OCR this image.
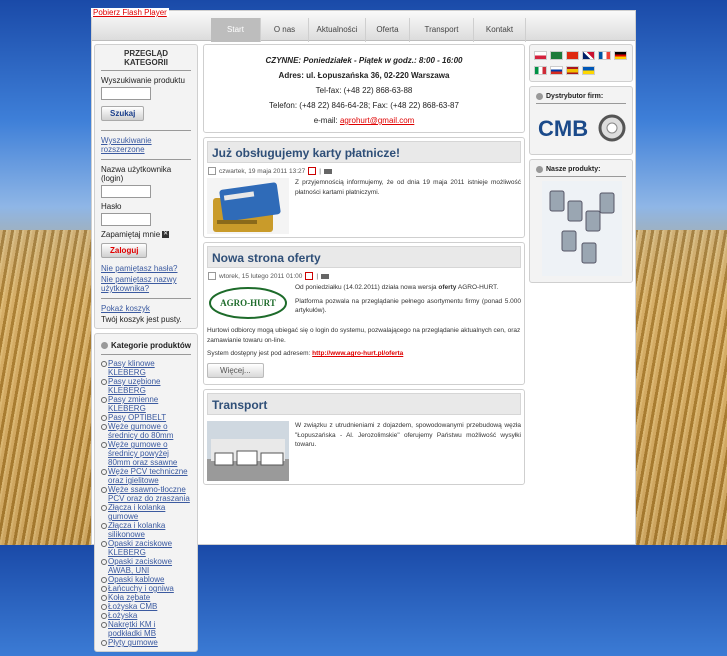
Start	O nas	Aktualności	Oferta	Transport	Kontakt
PRZEGLĄD KATEGORII
Wyszukiwanie produktu
Szukaj
Wyszukiwanie rozszerzone
Nazwa użytkownika (login)
Hasło
Zapamiętaj mnie ✕
Zaloguj
Nie pamiętasz hasła?
Nie pamiętasz nazwy użytkownika?
Pokaż koszyk
Twój koszyk jest pusty.
Kategorie produktów
Pasy klinowe KLEBERG
Pasy uzębione KLEBERG
Pasy zmienne KLEBERG
Pasy OPTIBELT
Węże gumowe o średnicy do 80mm
Węże gumowe o średnicy powyżej 80mm oraz ssawne
Węże PCV techniczne oraz igielitowe
Węże ssawno-tłoczne PCV oraz do zraszania
Złącza i kolanka gumowe
Złącza i kolanka silikonowe
Opaski zaciskowe KLEBERG
Opaski zaciskowe AWAB, UNI
Opaski kablowe
Łańcuchy i ogniwa
Koła zębate
Łożyska CMB
Łożyska
Nakrętki KM i podkładki MB
Płyty gumowe
CZYNNE: Poniedziałek - Piątek w godz.: 8:00 - 16:00
Adres: ul. Łopuszańska 36, 02-220 Warszawa
Tel-fax: (+48 22) 868-63-88
Telefon: (+48 22) 846-64-28; Fax: (+48 22) 868-63-87
e-mail: agrohurt@gmail.com
Już obsługujemy karty płatnicze!
czwartek, 19 maja 2011 13:27 |

Z przyjemnością informujemy, że od dnia 19 maja 2011 istnieje możliwość płatności kartami płatniczymi.

Nowa strona oferty
wtorek, 15 lutego 2011 01:00 |
AGRO-HURT

Od poniedziałku (14.02.2011) działa nowa wersja oferty AGRO-HURT.

Platforma pozwala na przeglądanie pełnego asortymentu firmy (ponad 5.000 artykułów).

Hurtowi odbiorcy mogą ubiegać się o login do systemu, pozwalającego na przeglądanie aktualnych cen, oraz zamawianie towaru on-line.

System dostępny jest pod adresem: http://www.agro-hurt.pl/oferta

Więcej...
Transport

W związku z utrudnieniami z dojazdem, spowodowanymi przebudową węzła "Łopuszańska - Al. Jerozolimskie" oferujemy Państwu możliwość wysyłki towaru.

Dystrybutor firm:
CMB
Nasze produkty:
Pobierz Flash Player
